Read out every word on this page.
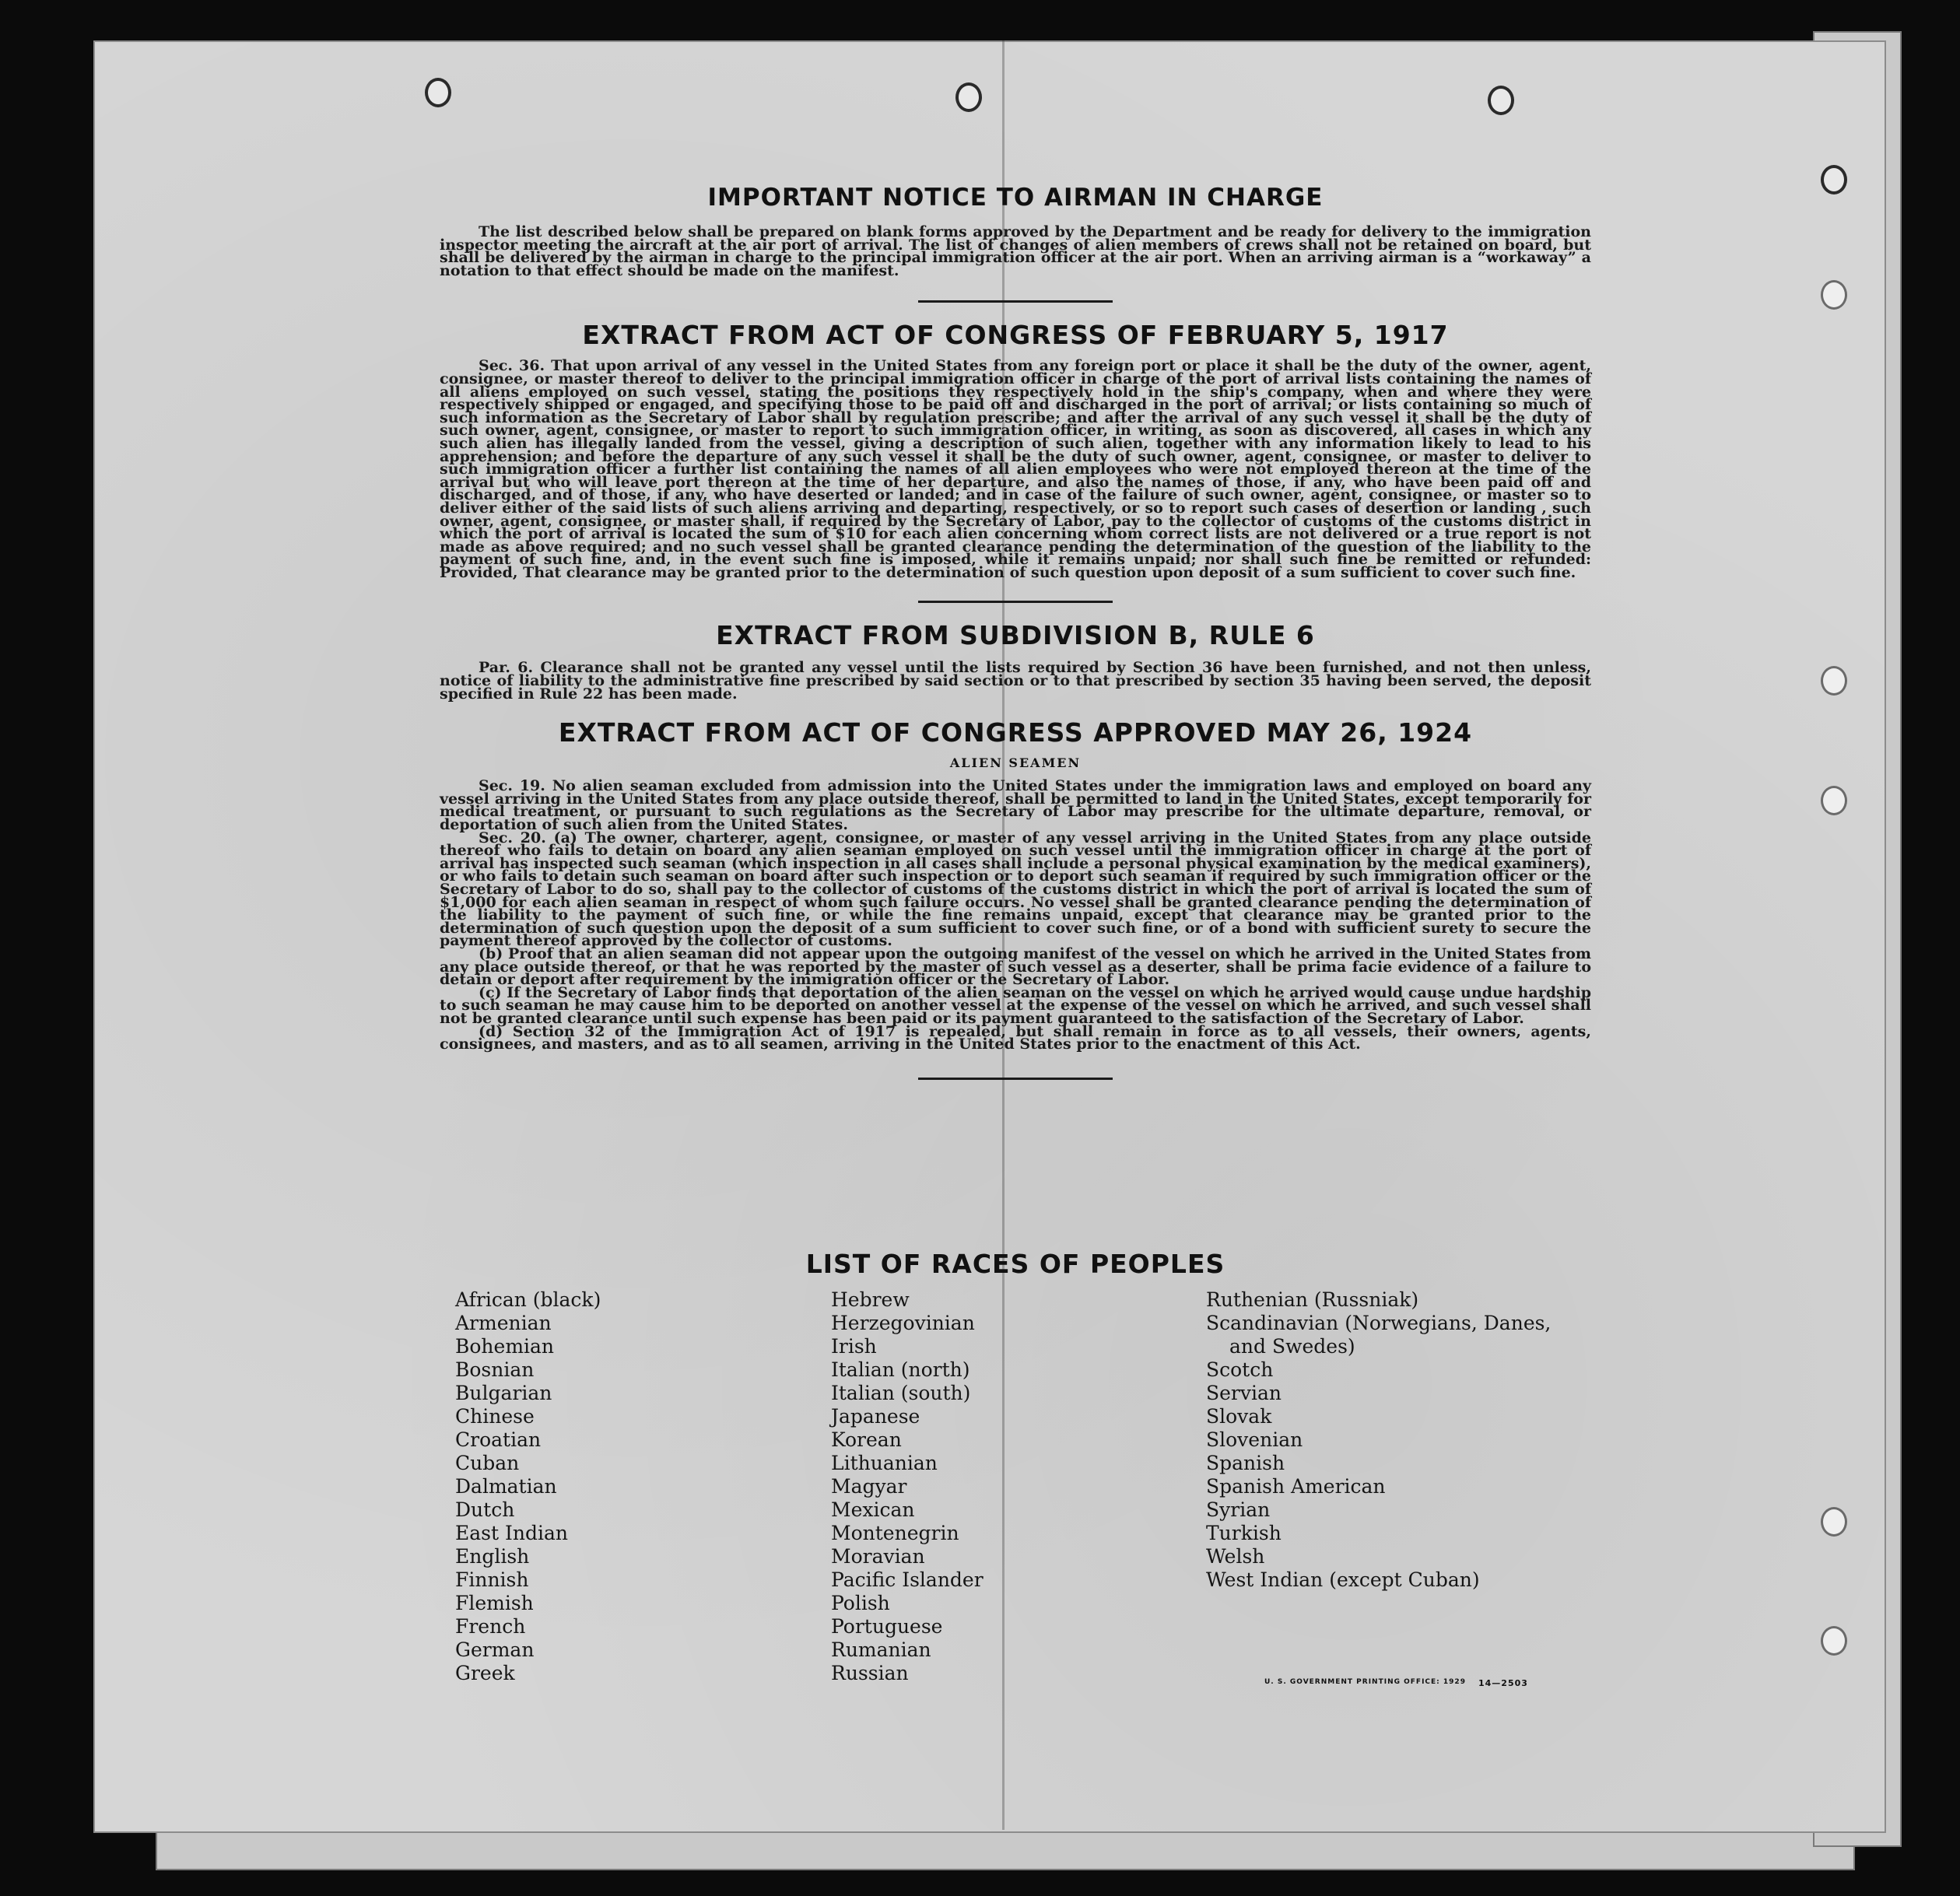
IMPORTANT NOTICE TO AIRMAN IN CHARGE

The list described below shall be prepared on blank forms approved by the Department and be ready for delivery to the immigration inspector meeting the aircraft at the air port of arrival. The list of changes of alien members of crews shall not be retained on board, but shall be delivered by the airman in charge to the principal immigration officer at the air port. When an arriving airman is a “workaway” a notation to that effect should be made on the manifest.

EXTRACT FROM ACT OF CONGRESS OF FEBRUARY 5, 1917

Sec. 36. That upon arrival of any vessel in the United States from any foreign port or place it shall be the duty of the owner, agent, consignee, or master thereof to deliver to the principal immigration officer in charge of the port of arrival lists containing the names of all aliens employed on such vessel, stating the positions they respectively hold in the ship's company, when and where they were respectively shipped or engaged, and specifying those to be paid off and discharged in the port of arrival; or lists containing so much of such information as the Secretary of Labor shall by regulation prescribe; and after the arrival of any such vessel it shall be the duty of such owner, agent, consignee, or master to report to such immigration officer, in writing, as soon as discovered, all cases in which any such alien has illegally landed from the vessel, giving a description of such alien, together with any information likely to lead to his apprehension; and before the departure of any such vessel it shall be the duty of such owner, agent, consignee, or master to deliver to such immigration officer a further list containing the names of all alien employees who were not employed thereon at the time of the arrival but who will leave port thereon at the time of her departure, and also the names of those, if any, who have been paid off and discharged, and of those, if any, who have deserted or landed; and in case of the failure of such owner, agent, consignee, or master so to deliver either of the said lists of such aliens arriving and departing, respectively, or so to report such cases of desertion or landing , such owner, agent, consignee, or master shall, if required by the Secretary of Labor, pay to the collector of customs of the customs district in which the port of arrival is located the sum of $10 for each alien concerning whom correct lists are not delivered or a true report is not made as above required; and no such vessel shall be granted clearance pending the determination of the question of the liability to the payment of such fine, and, in the event such fine is imposed, while it remains unpaid; nor shall such fine be remitted or refunded: Provided, That clearance may be granted prior to the determination of such question upon deposit of a sum sufficient to cover such fine.

EXTRACT FROM SUBDIVISION B, RULE 6

Par. 6. Clearance shall not be granted any vessel until the lists required by Section 36 have been furnished, and not then unless, notice of liability to the administrative fine prescribed by said section or to that prescribed by section 35 having been served, the deposit specified in Rule 22 has been made.

EXTRACT FROM ACT OF CONGRESS APPROVED MAY 26, 1924

ALIEN SEAMEN

Sec. 19. No alien seaman excluded from admission into the United States under the immigration laws and employed on board any vessel arriving in the United States from any place outside thereof, shall be permitted to land in the United States, except temporarily for medical treatment, or pursuant to such regulations as the Secretary of Labor may prescribe for the ultimate departure, removal, or deportation of such alien from the United States.

Sec. 20. (a) The owner, charterer, agent, consignee, or master of any vessel arriving in the United States from any place outside thereof who fails to detain on board any alien seaman employed on such vessel until the immigration officer in charge at the port of arrival has inspected such seaman (which inspection in all cases shall include a personal physical examination by the medical examiners), or who fails to detain such seaman on board after such inspection or to deport such seaman if required by such immigration officer or the Secretary of Labor to do so, shall pay to the collector of customs of the customs district in which the port of arrival is located the sum of $1,000 for each alien seaman in respect of whom such failure occurs. No vessel shall be granted clearance pending the determination of the liability to the payment of such fine, or while the fine remains unpaid, except that clearance may be granted prior to the determination of such question upon the deposit of a sum sufficient to cover such fine, or of a bond with sufficient surety to secure the payment thereof approved by the collector of customs.

(b) Proof that an alien seaman did not appear upon the outgoing manifest of the vessel on which he arrived in the United States from any place outside thereof, or that he was reported by the master of such vessel as a deserter, shall be prima facie evidence of a failure to detain or deport after requirement by the immigration officer or the Secretary of Labor.

(c) If the Secretary of Labor finds that deportation of the alien seaman on the vessel on which he arrived would cause undue hardship to such seaman he may cause him to be deported on another vessel at the expense of the vessel on which he arrived, and such vessel shall not be granted clearance until such expense has been paid or its payment guaranteed to the satisfaction of the Secretary of Labor.

(d) Section 32 of the Immigration Act of 1917 is repealed, but shall remain in force as to all vessels, their owners, agents, consignees, and masters, and as to all seamen, arriving in the United States prior to the enactment of this Act.

LIST OF RACES OF PEOPLES
African (black)
Armenian
Bohemian
Bosnian
Bulgarian
Chinese
Croatian
Cuban
Dalmatian
Dutch
East Indian
English
Finnish
Flemish
French
German
Greek
Hebrew
Herzegovinian
Irish
Italian (north)
Italian (south)
Japanese
Korean
Lithuanian
Magyar
Mexican
Montenegrin
Moravian
Pacific Islander
Polish
Portuguese
Rumanian
Russian
Ruthenian (Russniak)
Scandinavian (Norwegians, Danes,
and Swedes)
Scotch
Servian
Slovak
Slovenian
Spanish
Spanish American
Syrian
Turkish
Welsh
West Indian (except Cuban)
U. S. GOVERNMENT PRINTING OFFICE: 1929 14—2503
